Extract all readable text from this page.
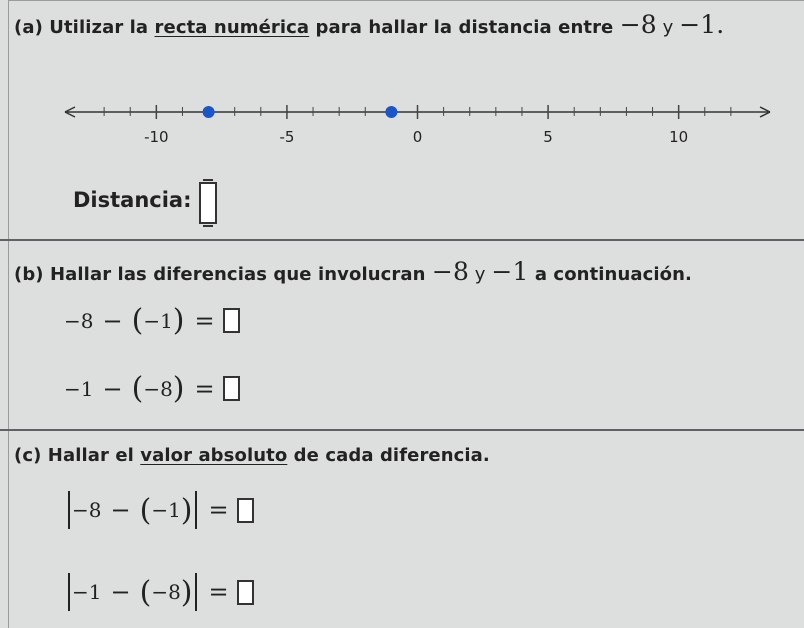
(a) Utilizar la recta numérica para hallar la distancia entre −8 y −1.
-10	-5	0	5	10
Distancia:
(b) Hallar las diferencias que involucran −8 y −1 a continuación.
−8 − ( −1 ) =
−1 − ( −8 ) =
(c) Hallar el valor absoluto de cada diferencia.
−8 − ( −1 ) =
−1 − ( −8 ) =
